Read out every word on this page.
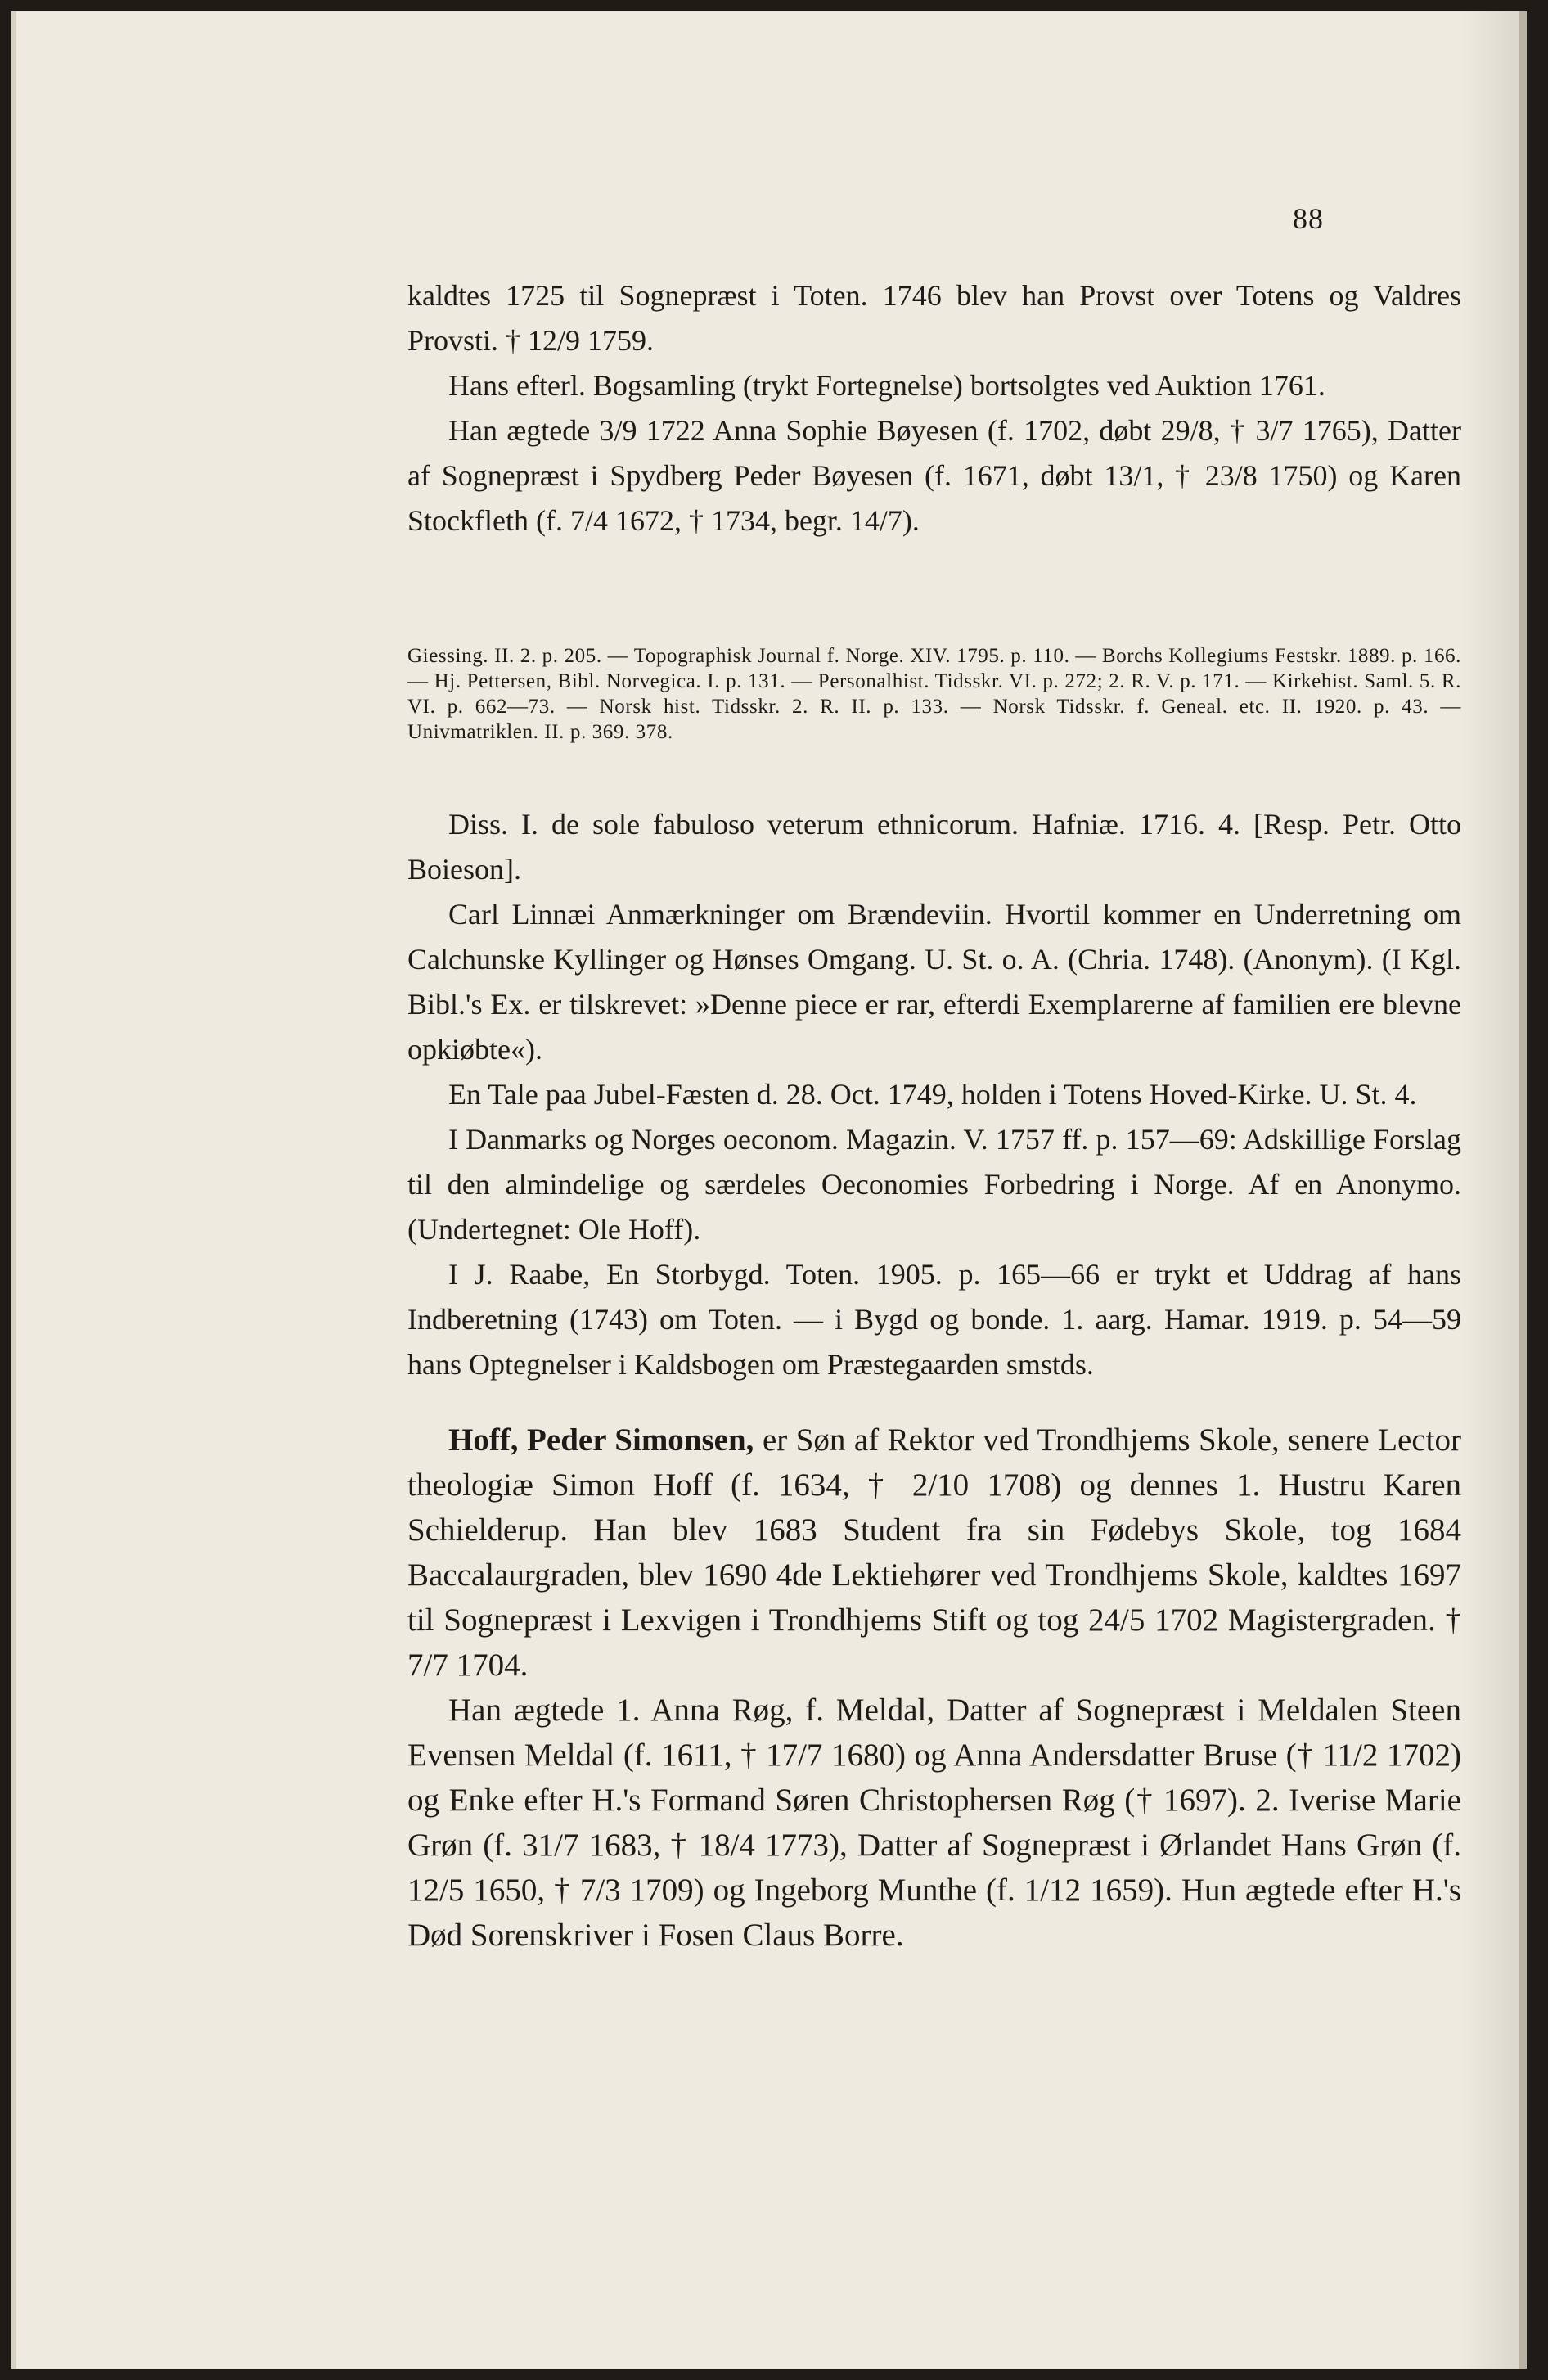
88

kaldtes 1725 til Sognepræst i Toten. 1746 blev han Provst over Totens og Valdres Provsti. † 12/9 1759.

Hans efterl. Bogsamling (trykt Fortegnelse) bortsolgtes ved Auktion 1761.

Han ægtede 3/9 1722 Anna Sophie Bøyesen (f. 1702, døbt 29/8, † 3/7 1765), Datter af Sognepræst i Spydberg Peder Bøyesen (f. 1671, døbt 13/1, † 23/8 1750) og Karen Stockfleth (f. 7/4 1672, † 1734, begr. 14/7).

Giessing. II. 2. p. 205. — Topographisk Journal f. Norge. XIV. 1795. p. 110. — Borchs Kollegiums Festskr. 1889. p. 166. — Hj. Pettersen, Bibl. Norvegica. I. p. 131. — Personalhist. Tidsskr. VI. p. 272; 2. R. V. p. 171. — Kirkehist. Saml. 5. R. VI. p. 662—73. — Norsk hist. Tidsskr. 2. R. II. p. 133. — Norsk Tidsskr. f. Geneal. etc. II. 1920. p. 43. — Univmatriklen. II. p. 369. 378.

Diss. I. de sole fabuloso veterum ethnicorum. Hafniæ. 1716. 4. [Resp. Petr. Otto Boieson].

Carl Linnæi Anmærkninger om Brændeviin. Hvortil kommer en Underretning om Calchunske Kyllinger og Hønses Omgang. U. St. o. A. (Chria. 1748). (Anonym). (I Kgl. Bibl.'s Ex. er tilskrevet: »Denne piece er rar, efterdi Exemplarerne af familien ere blevne opkiøbte«).

En Tale paa Jubel-Fæsten d. 28. Oct. 1749, holden i Totens Hoved-Kirke. U. St. 4.

I Danmarks og Norges oeconom. Magazin. V. 1757 ff. p. 157—69: Adskillige Forslag til den almindelige og særdeles Oeconomies Forbedring i Norge. Af en Anonymo. (Undertegnet: Ole Hoff).

I J. Raabe, En Storbygd. Toten. 1905. p. 165—66 er trykt et Uddrag af hans Indberetning (1743) om Toten. — i Bygd og bonde. 1. aarg. Hamar. 1919. p. 54—59 hans Optegnelser i Kaldsbogen om Præstegaarden smstds.

Hoff, Peder Simonsen, er Søn af Rektor ved Trondhjems Skole, senere Lector theologiæ Simon Hoff (f. 1634, † 2/10 1708) og dennes 1. Hustru Karen Schielderup. Han blev 1683 Student fra sin Fødebys Skole, tog 1684 Baccalaurgraden, blev 1690 4de Lektiehører ved Trondhjems Skole, kaldtes 1697 til Sognepræst i Lexvigen i Trondhjems Stift og tog 24/5 1702 Magistergraden. † 7/7 1704.

Han ægtede 1. Anna Røg, f. Meldal, Datter af Sognepræst i Meldalen Steen Evensen Meldal (f. 1611, † 17/7 1680) og Anna Andersdatter Bruse († 11/2 1702) og Enke efter H.'s Formand Søren Christophersen Røg († 1697). 2. Iverise Marie Grøn (f. 31/7 1683, † 18/4 1773), Datter af Sognepræst i Ørlandet Hans Grøn (f. 12/5 1650, † 7/3 1709) og Ingeborg Munthe (f. 1/12 1659). Hun ægtede efter H.'s Død Sorenskriver i Fosen Claus Borre.
